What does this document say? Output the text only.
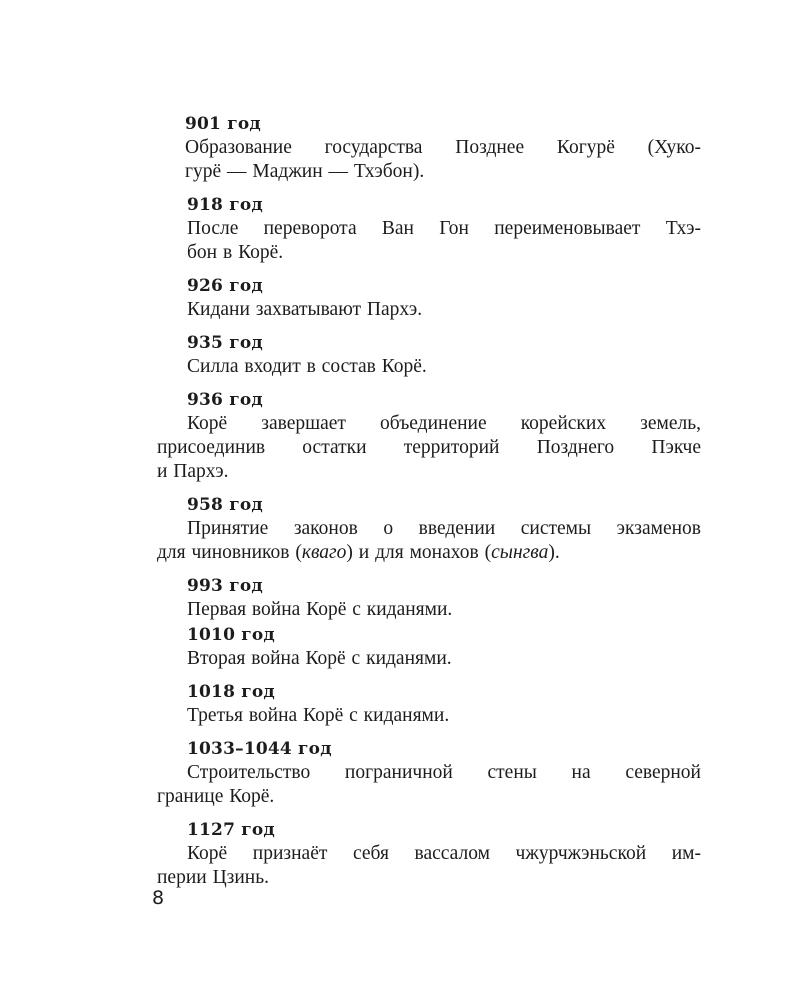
901 год
Образование государства Позднее Когурё (Хуко-
гурё — Маджин — Тхэбон).
918 год
После переворота Ван Гон переименовывает Тхэ-
бон в Корё.
926 год
Кидани захватывают Пархэ.
935 год
Силла входит в состав Корё.
936 год
Корё завершает объединение корейских земель,
присоединив остатки территорий Позднего Пэкче
и Пархэ.
958 год
Принятие законов о введении системы экзаменов
для чиновников (кваго) и для монахов (сынгва).
993 год
Первая война Корё с киданями.
1010 год
Вторая война Корё с киданями.
1018 год
Третья война Корё с киданями.
1033–1044 год
Строительство пограничной стены на северной
границе Корё.
1127 год
Корё признаёт себя вассалом чжурчжэньской им-
перии Цзинь.
8
